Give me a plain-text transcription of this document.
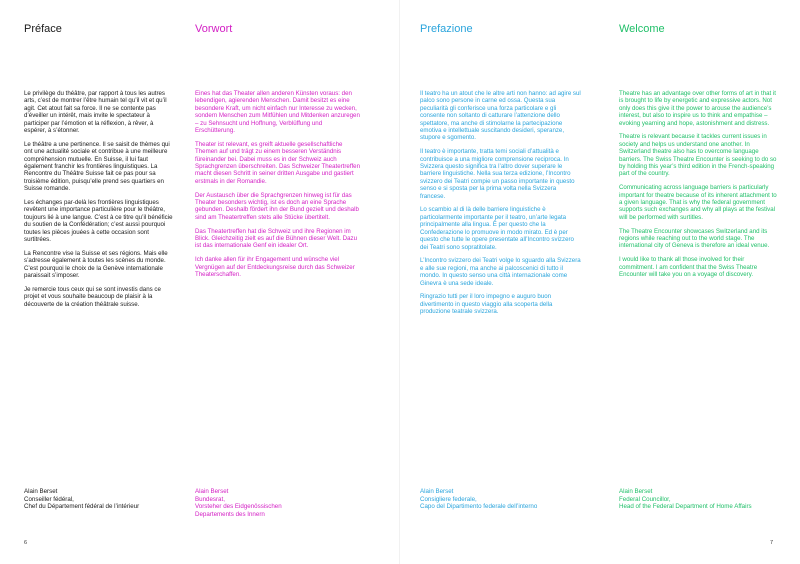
Préface

Le privilège du théâtre, par rapport à tous les autres arts, c’est de montrer l’être humain tel qu’il vit et qu’il agit. Cet atout fait sa force. Il ne se contente pas d’éveiller un intérêt, mais invite le spectateur à participer par l’émotion et la réflexion, à rêver, à espérer, à s’étonner.

Le théâtre a une pertinence. Il se saisit de thèmes qui ont une actualité sociale et contribue à une meilleure compréhension mutuelle. En Suisse, il lui faut également franchir les frontières linguistiques. La Rencontre du Théâtre Suisse fait ce pas pour sa troisième édition, puisqu’elle prend ses quartiers en Suisse romande.

Les échanges par-delà les frontières linguistiques revêtent une importance particulière pour le théâtre, toujours lié à une langue. C’est à ce titre qu’il bénéficie du soutien de la Confédération; c’est aussi pourquoi toutes les pièces jouées à cette occasion sont surtitrées.

La Rencontre vise la Suisse et ses régions. Mais elle s’adresse également à toutes les scènes du monde. C’est pourquoi le choix de la Genève internationale paraissait s’imposer.

Je remercie tous ceux qui se sont investis dans ce projet et vous souhaite beaucoup de plaisir à la découverte de la création théâtrale suisse.

Alain Berset
Conseiller fédéral,
Chef du Département fédéral de l’intérieur
Vorwort

Eines hat das Theater allen anderen Künsten voraus: den lebendigen, agierenden Menschen. Damit besitzt es eine besondere Kraft, um nicht einfach nur Interesse zu wecken, sondern Menschen zum Mitfühlen und Mitdenken anzuregen – zu Sehnsucht und Hoffnung, Verblüffung und Erschütterung.

Theater ist relevant, es greift aktuelle gesellschaftliche Themen auf und trägt zu einem besseren Verständnis füreinander bei. Dabei muss es in der Schweiz auch Sprachgrenzen überschreiten. Das Schweizer Theatertreffen macht diesen Schritt in seiner dritten Ausgabe und gastiert erstmals in der Romandie.

Der Austausch über die Sprachgrenzen hinweg ist für das Theater besonders wichtig, ist es doch an eine Sprache gebunden. Deshalb fördert ihn der Bund gezielt und deshalb sind am Theatertreffen stets alle Stücke übertitelt.

Das Theatertreffen hat die Schweiz und ihre Regionen im Blick. Gleichzeitig zielt es auf die Bühnen dieser Welt. Dazu ist das internationale Genf ein idealer Ort.

Ich danke allen für ihr Engagement und wünsche viel Vergnügen auf der Entdeckungsreise durch das Schweizer Theaterschaffen.

Alain Berset
Bundesrat,
Vorsteher des Eidgenössischen
Departements des Innern
Prefazione

Il teatro ha un atout che le altre arti non hanno: ad agire sul palco sono persone in carne ed ossa. Questa sua peculiarità gli conferisce una forza particolare e gli consente non soltanto di catturare l’attenzione dello spettatore, ma anche di stimolarne la partecipazione emotiva e intellettuale suscitando desideri, speranze, stupore e sgomento.

Il teatro è importante, tratta temi sociali d’attualità e contribuisce a una migliore comprensione reciproca. In Svizzera questo significa tra l’altro dover superare le barriere linguistiche. Nella sua terza edizione, l’Incontro svizzero dei Teatri compie un passo importante in questo senso e si sposta per la prima volta nella Svizzera francese.

Lo scambio al di là delle barriere linguistiche è particolarmente importante per il teatro, un’arte legata principalmente alla lingua. È per questo che la Confederazione lo promuove in modo mirato. Ed è per questo che tutte le opere presentate all’Incontro svizzero dei Teatri sono sopratitolate.

L’Incontro svizzero dei Teatri volge lo sguardo alla Svizzera e alle sue regioni, ma anche ai palcoscenici di tutto il mondo. In questo senso una città internazionale come Ginevra è una sede ideale.

Ringrazio tutti per il loro impegno e auguro buon divertimento in questo viaggio alla scoperta della produzione teatrale svizzera.

Alain Berset
Consigliere federale,
Capo del Dipartimento federale dell’interno
Welcome

Theatre has an advantage over other forms of art in that it is brought to life by energetic and expressive actors. Not only does this give it the power to arouse the audience’s interest, but also to inspire us to think and empathise – evoking yearning and hope, astonishment and distress.

Theatre is relevant because it tackles current issues in society and helps us understand one another. In Switzerland theatre also has to overcome language barriers. The Swiss Theatre Encounter is seeking to do so by holding this year’s third edition in the French-speaking part of the country.

Communicating across language barriers is particularly important for theatre because of its inherent attachment to a given language. That is why the federal government supports such exchanges and why all plays at the festival will be performed with surtitles.

The Theatre Encounter showcases Switzerland and its regions while reaching out to the world stage. The international city of Geneva is therefore an ideal venue.

I would like to thank all those involved for their commitment. I am confident that the Swiss Theatre Encounter will take you on a voyage of discovery.

Alain Berset
Federal Councillor,
Head of the Federal Department of Home Affairs
6	7
